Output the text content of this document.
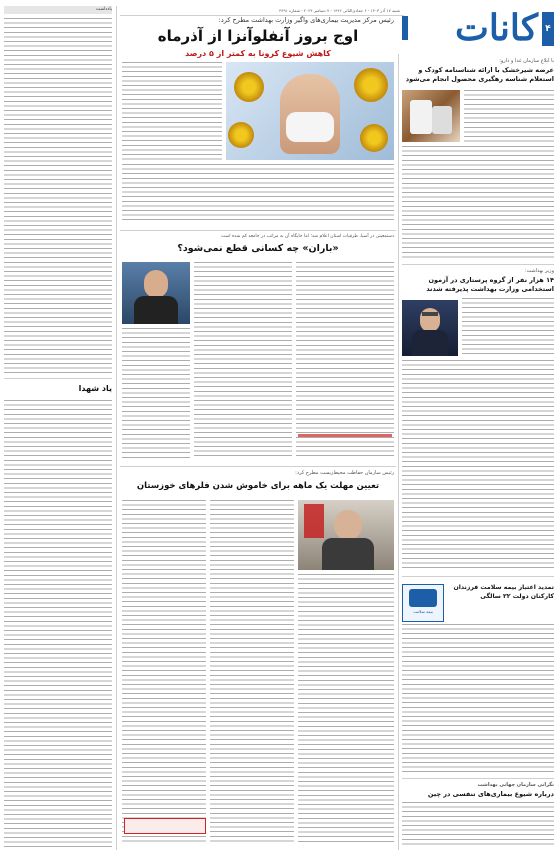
۴
کانات
شنبه ۱۷ آذر ۱۴۰۳ - ۶ جمادی‌الثانی ۱۴۴۶ - ۷ دسامبر ۲۰۲۴ - شماره ۴۴۹۱
با ابلاغ سازمان غذا و دارو:
عرضه شیرخشک با ارائه شناسنامه کودک و استعلام شناسه رهگیری محصول انجام می‌شود
وزیر بهداشت:
۱۴ هزار نفر از گروه پرستاری در آزمون استخدامی وزارت بهداشت پذیرفته شدند
بیمه سلامت
تمدید اعتبار بیمه سلامت فرزندان کارکنان دولت ۲۲ سالگی
نگرانی سازمان جهانی بهداشت
درباره شیوع بیماری‌های تنفسی در چین
یادداشت
یاد شهدا
رئیس مرکز مدیریت بیماری‌های واگیر وزارت بهداشت مطرح کرد:
اوج بروز آنفلوآنزا از آذرماه
کاهش شیوع کرونا به کمتر از ۵ درصد
دستمعیتی در آسیا، طرقیات استان اعلام شد؛ اما جایگاه آن به مراتب در جامعه کم شده است
«باران» چه کسانی قطع نمی‌شود؟
رئیس سازمان حفاظت محیط‌زیست مطرح کرد:
تعیین مهلت یک ماهه برای خاموش شدن فلرهای خوزستان
